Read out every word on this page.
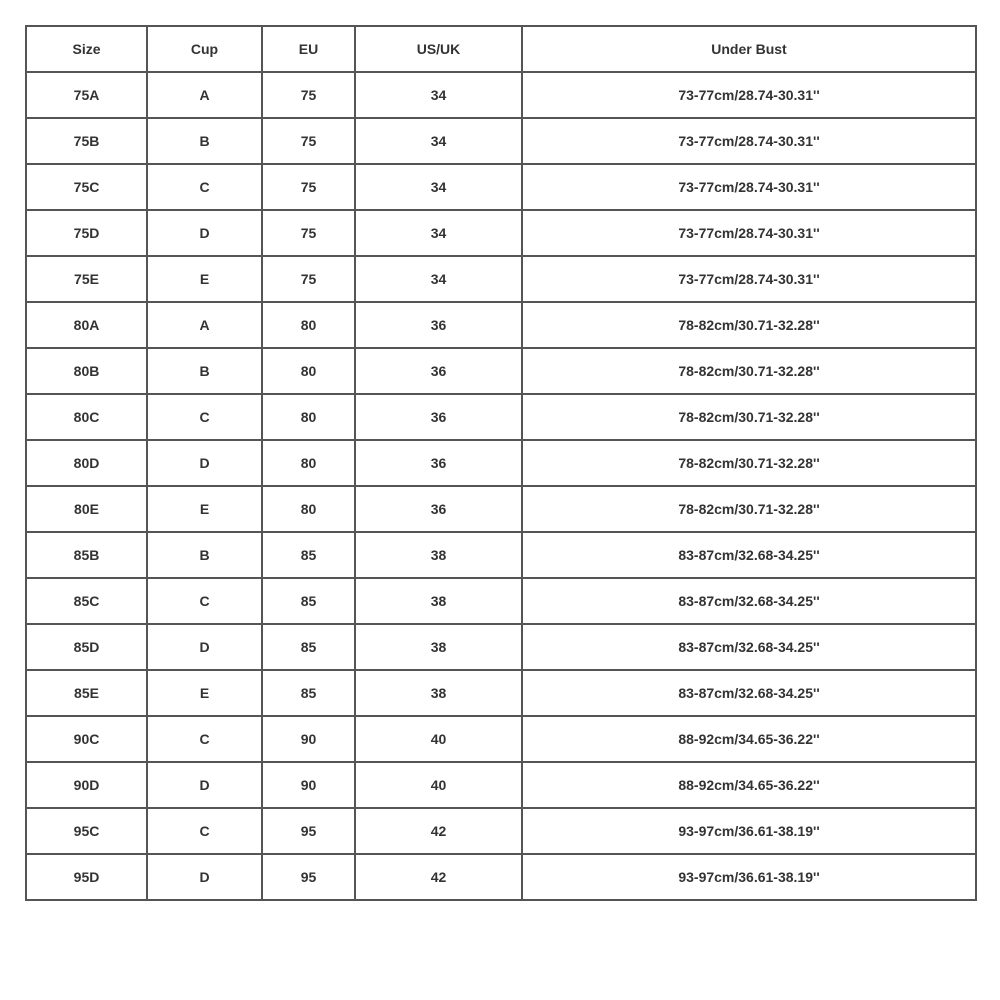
Size	Cup	EU	US/UK	Under Bust
75A	A	75	34	73-77cm/28.74-30.31''
75B	B	75	34	73-77cm/28.74-30.31''
75C	C	75	34	73-77cm/28.74-30.31''
75D	D	75	34	73-77cm/28.74-30.31''
75E	E	75	34	73-77cm/28.74-30.31''
80A	A	80	36	78-82cm/30.71-32.28''
80B	B	80	36	78-82cm/30.71-32.28''
80C	C	80	36	78-82cm/30.71-32.28''
80D	D	80	36	78-82cm/30.71-32.28''
80E	E	80	36	78-82cm/30.71-32.28''
85B	B	85	38	83-87cm/32.68-34.25''
85C	C	85	38	83-87cm/32.68-34.25''
85D	D	85	38	83-87cm/32.68-34.25''
85E	E	85	38	83-87cm/32.68-34.25''
90C	C	90	40	88-92cm/34.65-36.22''
90D	D	90	40	88-92cm/34.65-36.22''
95C	C	95	42	93-97cm/36.61-38.19''
95D	D	95	42	93-97cm/36.61-38.19''
